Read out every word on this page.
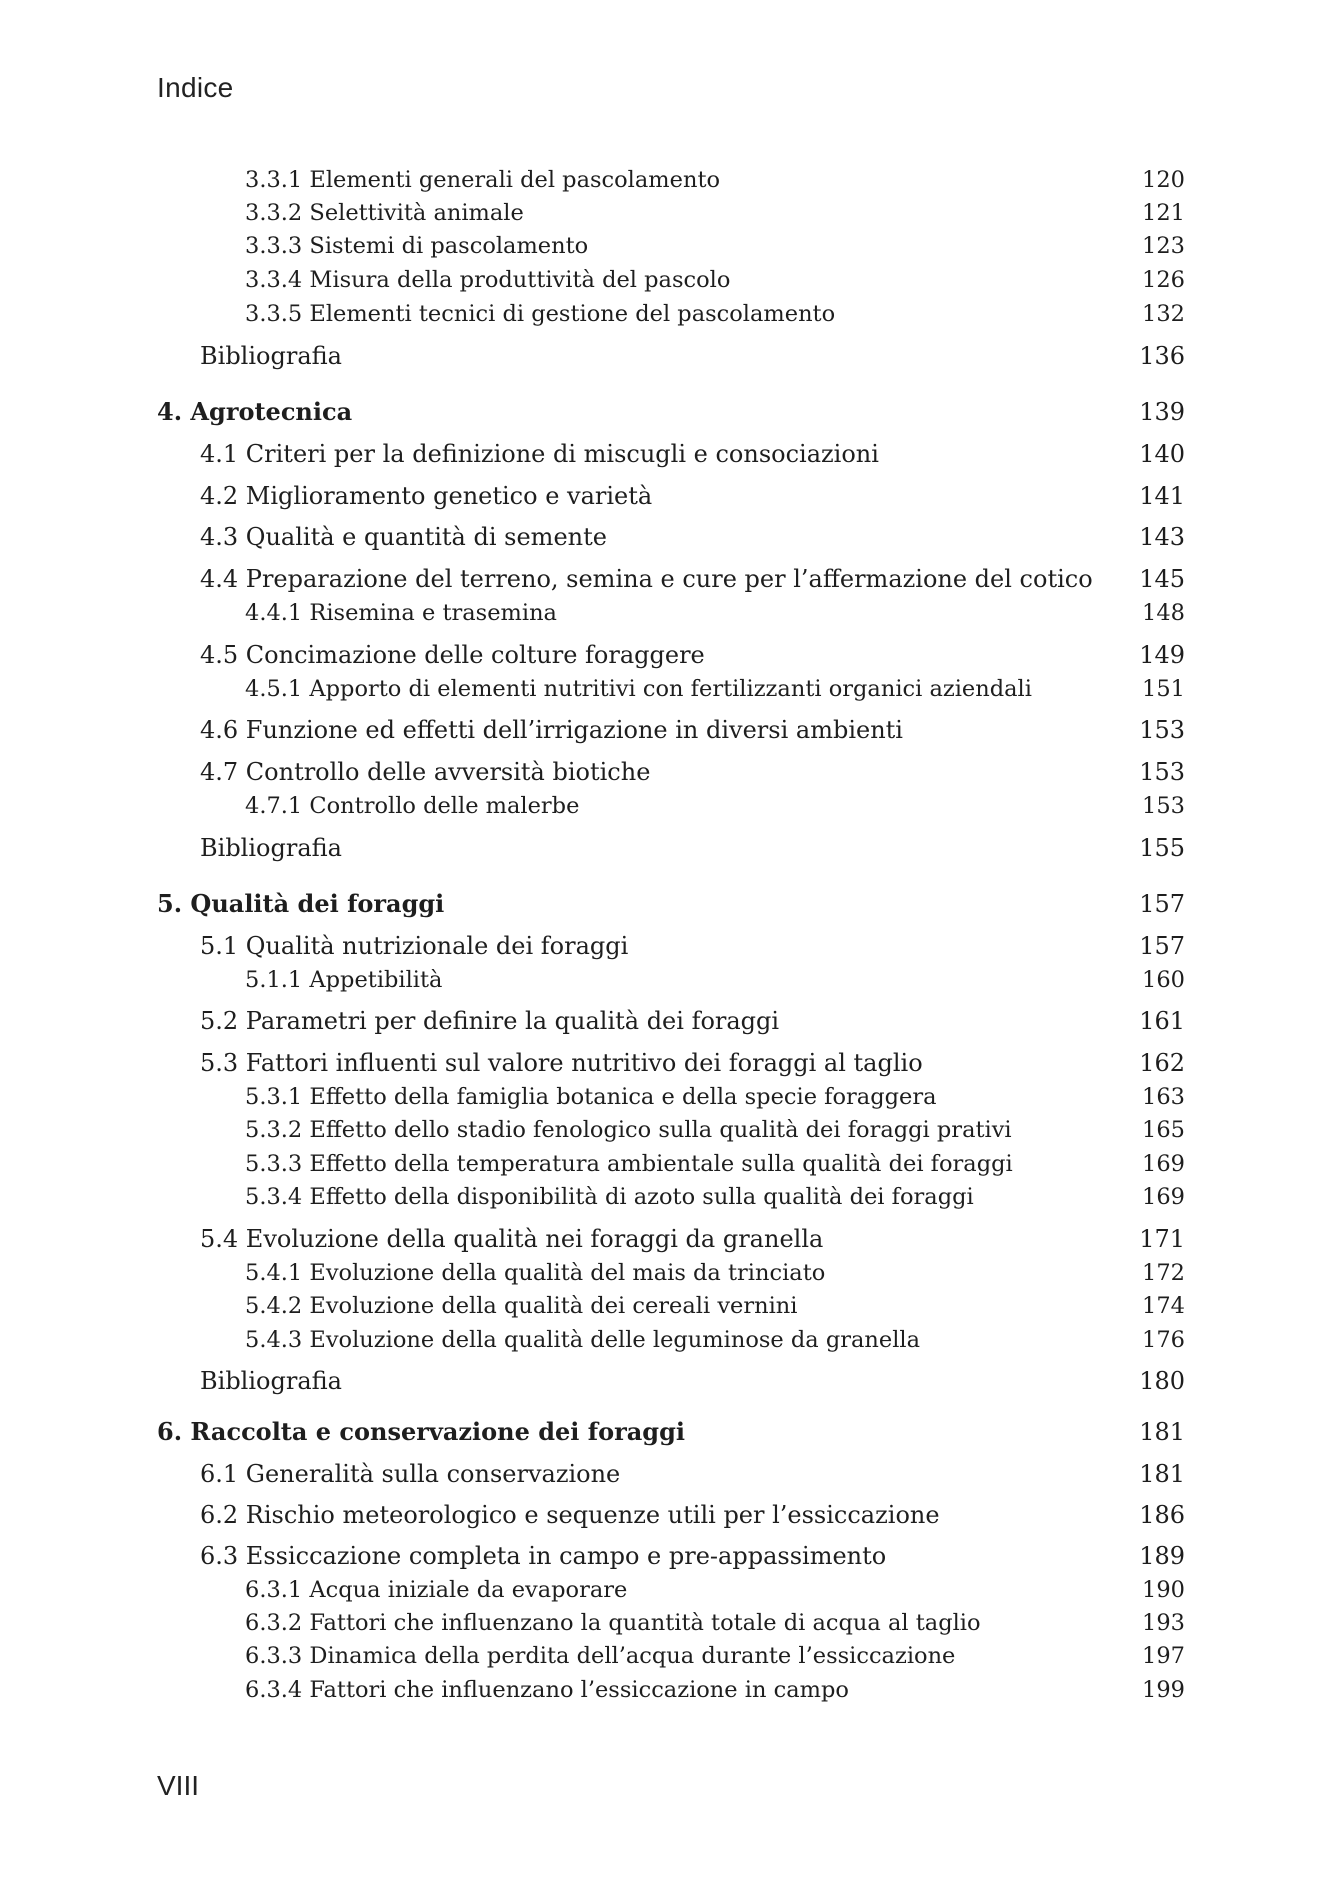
Indice
3.3.1 Elementi generali del pascolamento	120
3.3.2 Selettività animale	121
3.3.3 Sistemi di pascolamento	123
3.3.4 Misura della produttività del pascolo	126
3.3.5 Elementi tecnici di gestione del pascolamento	132
Bibliografia	136
4. Agrotecnica	139
4.1 Criteri per la definizione di miscugli e consociazioni	140
4.2 Miglioramento genetico e varietà	141
4.3 Qualità e quantità di semente	143
4.4 Preparazione del terreno, semina e cure per l’affermazione del cotico	145
4.4.1 Risemina e trasemina	148
4.5 Concimazione delle colture foraggere	149
4.5.1 Apporto di elementi nutritivi con fertilizzanti organici aziendali	151
4.6 Funzione ed effetti dell’irrigazione in diversi ambienti	153
4.7 Controllo delle avversità biotiche	153
4.7.1 Controllo delle malerbe	153
Bibliografia	155
5. Qualità dei foraggi	157
5.1 Qualità nutrizionale dei foraggi	157
5.1.1 Appetibilità	160
5.2 Parametri per definire la qualità dei foraggi	161
5.3 Fattori influenti sul valore nutritivo dei foraggi al taglio	162
5.3.1 Effetto della famiglia botanica e della specie foraggera	163
5.3.2 Effetto dello stadio fenologico sulla qualità dei foraggi prativi	165
5.3.3 Effetto della temperatura ambientale sulla qualità dei foraggi	169
5.3.4 Effetto della disponibilità di azoto sulla qualità dei foraggi	169
5.4 Evoluzione della qualità nei foraggi da granella	171
5.4.1 Evoluzione della qualità del mais da trinciato	172
5.4.2 Evoluzione della qualità dei cereali vernini	174
5.4.3 Evoluzione della qualità delle leguminose da granella	176
Bibliografia	180
6. Raccolta e conservazione dei foraggi	181
6.1 Generalità sulla conservazione	181
6.2 Rischio meteorologico e sequenze utili per l’essiccazione	186
6.3 Essiccazione completa in campo e pre-appassimento	189
6.3.1 Acqua iniziale da evaporare	190
6.3.2 Fattori che influenzano la quantità totale di acqua al taglio	193
6.3.3 Dinamica della perdita dell’acqua durante l’essiccazione	197
6.3.4 Fattori che influenzano l’essiccazione in campo	199
VIII
